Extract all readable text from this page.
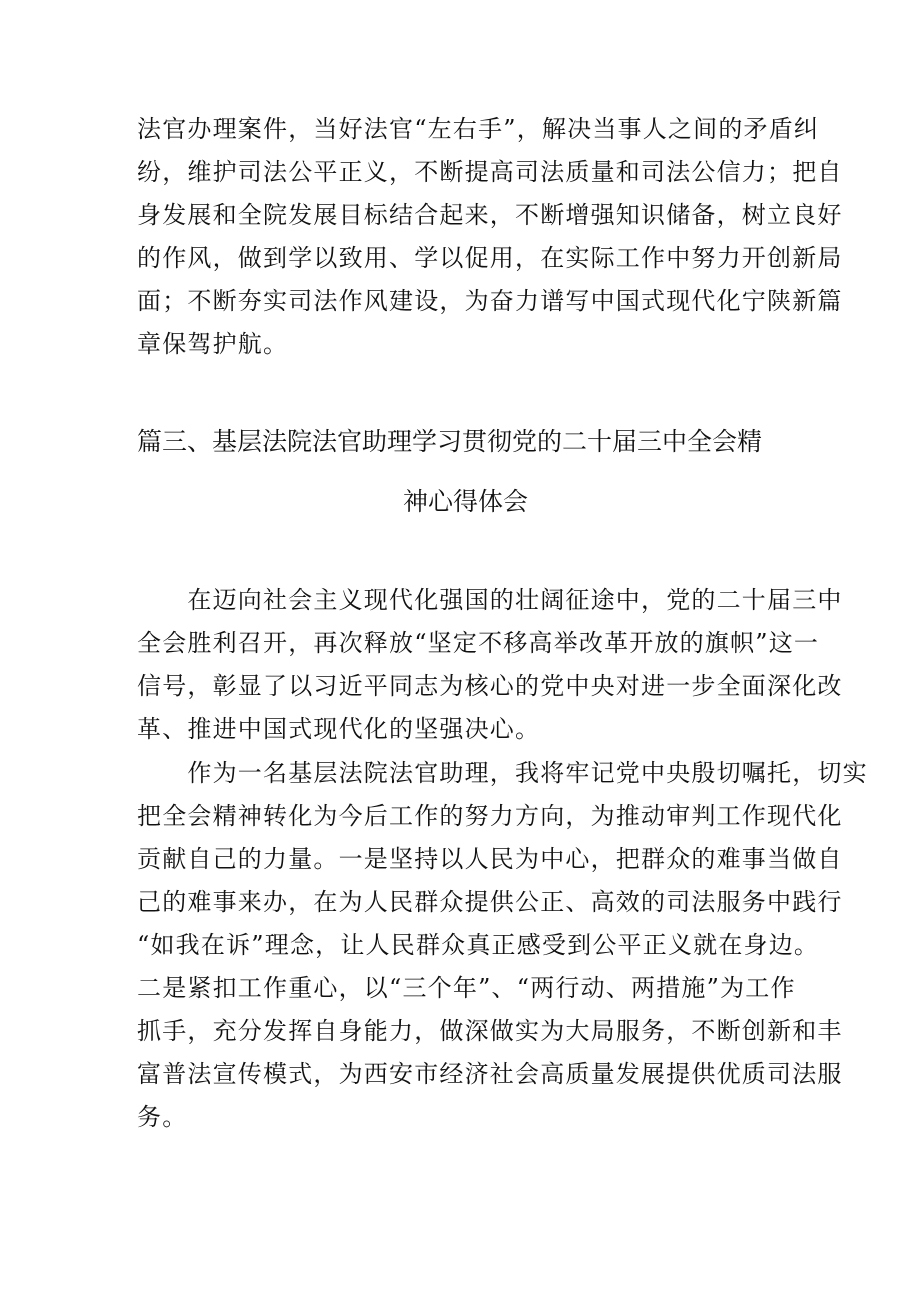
法官办理案件，当好法官“左右手”，解决当事人之间的矛盾纠
纷，维护司法公平正义，不断提高司法质量和司法公信力；把自
身发展和全院发展目标结合起来，不断增强知识储备，树立良好
的作风，做到学以致用、学以促用，在实际工作中努力开创新局
面；不断夯实司法作风建设，为奋力谱写中国式现代化宁陕新篇
章保驾护航。
篇三、基层法院法官助理学习贯彻党的二十届三中全会精
神心得体会
　　在迈向社会主义现代化强国的壮阔征途中，党的二十届三中
全会胜利召开，再次释放“坚定不移高举改革开放的旗帜”这一
信号，彰显了以习近平同志为核心的党中央对进一步全面深化改
革、推进中国式现代化的坚强决心。
　　作为一名基层法院法官助理，我将牢记党中央殷切嘱托，切实
把全会精神转化为今后工作的努力方向，为推动审判工作现代化
贡献自己的力量。一是坚持以人民为中心，把群众的难事当做自
己的难事来办，在为人民群众提供公正、高效的司法服务中践行
“如我在诉”理念，让人民群众真正感受到公平正义就在身边。
二是紧扣工作重心，以“三个年”、“两行动、两措施”为工作
抓手，充分发挥自身能力，做深做实为大局服务，不断创新和丰
富普法宣传模式，为西安市经济社会高质量发展提供优质司法服
务。
